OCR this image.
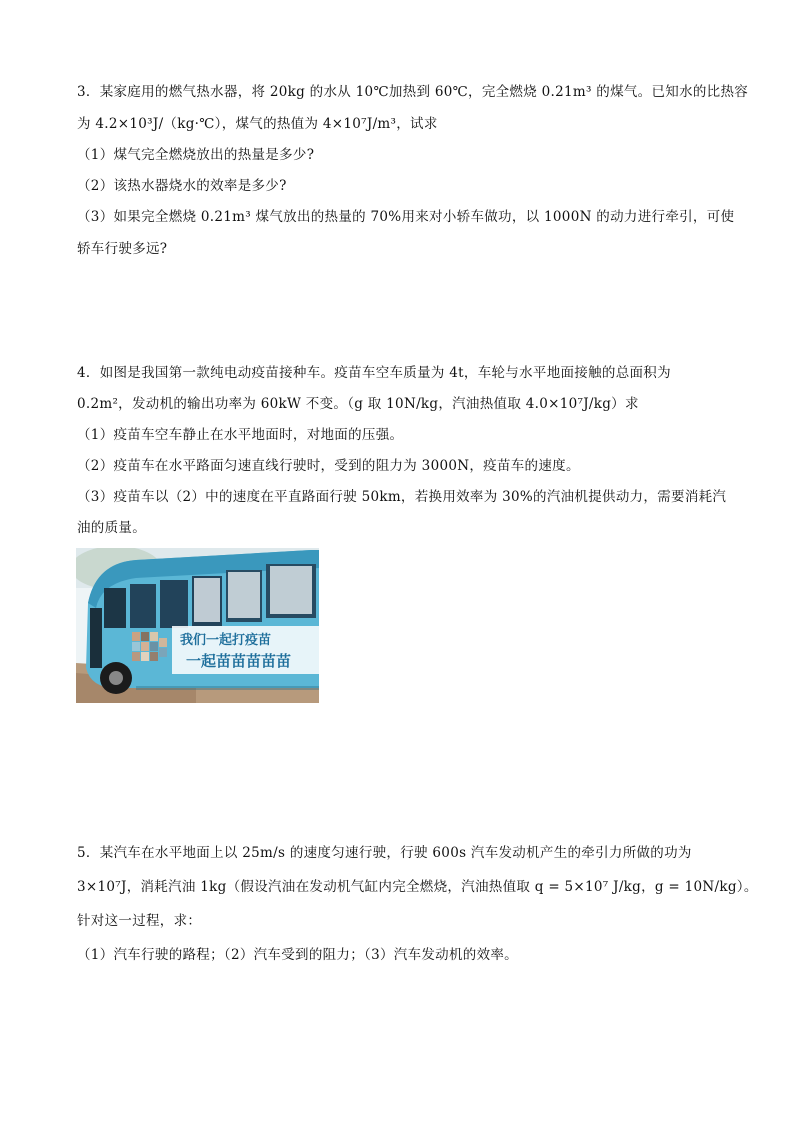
3．某家庭用的燃气热水器，将 20kg 的水从 10℃加热到 60℃，完全燃烧 0.21m³ 的煤气。已知水的比热容
为 4.2×10³J/（kg·℃），煤气的热值为 4×10⁷J/m³，试求
（1）煤气完全燃烧放出的热量是多少?
（2）该热水器烧水的效率是多少?
（3）如果完全燃烧 0.21m³ 煤气放出的热量的 70%用来对小轿车做功，以 1000N 的动力进行牵引，可使
轿车行驶多远?
4．如图是我国第一款纯电动疫苗接种车。疫苗车空车质量为 4t，车轮与水平地面接触的总面积为
0.2m²，发动机的输出功率为 60kW 不变。（g 取 10N/kg，汽油热值取 4.0×10⁷J/kg）求
（1）疫苗车空车静止在水平地面时，对地面的压强。
（2）疫苗车在水平路面匀速直线行驶时，受到的阻力为 3000N，疫苗车的速度。
（3）疫苗车以（2）中的速度在平直路面行驶 50km，若换用效率为 30%的汽油机提供动力，需要消耗汽
油的质量。
我们一起打疫苗
一起苗苗苗苗苗
5．某汽车在水平地面上以 25m/s 的速度匀速行驶，行驶 600s 汽车发动机产生的牵引力所做的功为
3×10⁷J，消耗汽油 1kg（假设汽油在发动机气缸内完全燃烧，汽油热值取 q = 5×10⁷ J/kg，g = 10N/kg）。
针对这一过程，求：
（1）汽车行驶的路程；（2）汽车受到的阻力；（3）汽车发动机的效率。
